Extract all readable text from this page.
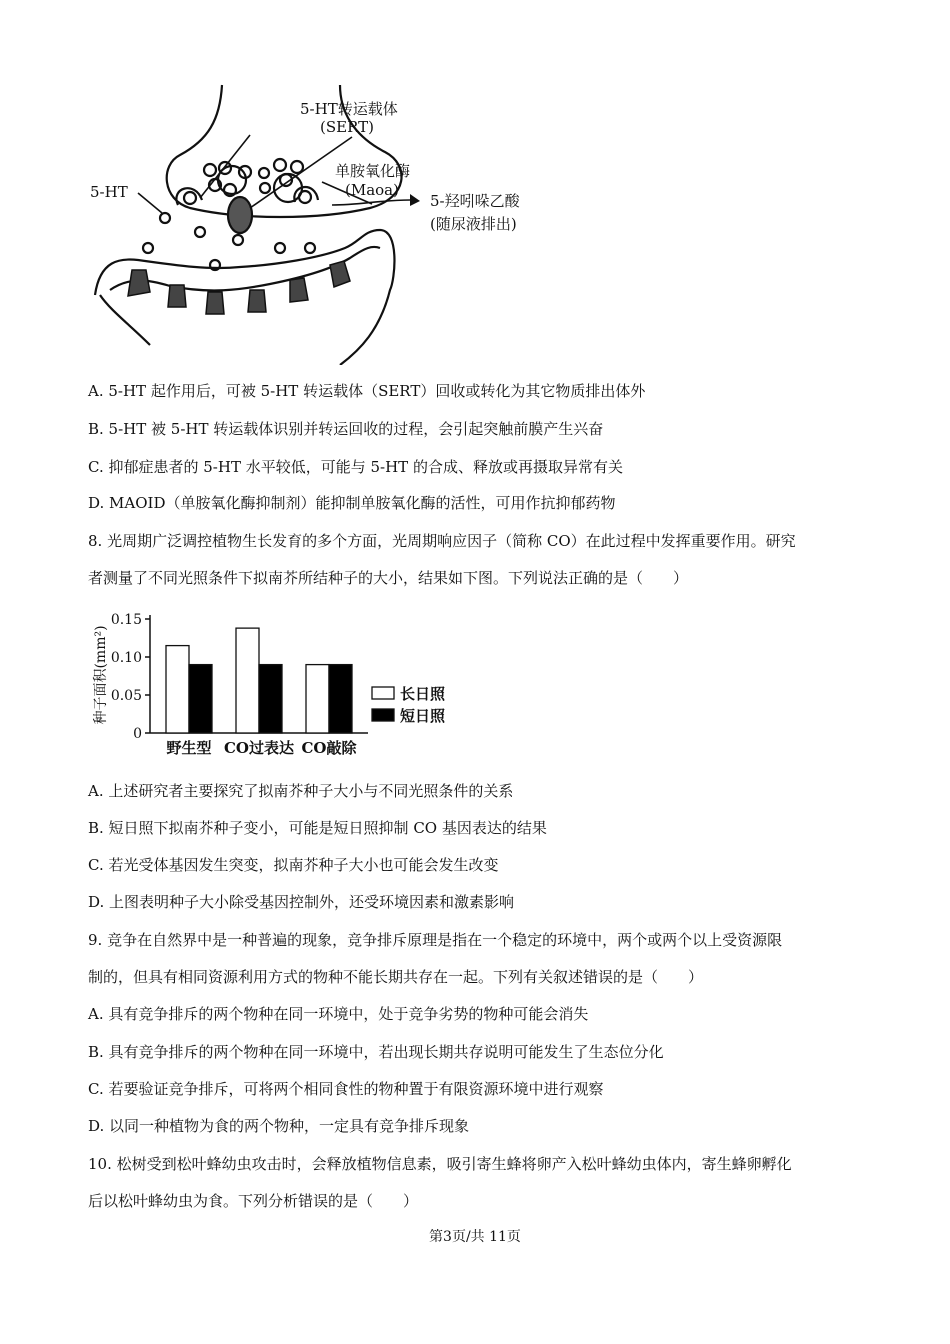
5-HT
5-HT转运载体
(SERT)
单胺氧化酶
(Maoa)
5-羟吲哚乙酸
(随尿液排出)
A. 5-HT 起作用后，可被 5-HT 转运载体（SERT）回收或转化为其它物质排出体外
B. 5-HT 被 5-HT 转运载体识别并转运回收的过程，会引起突触前膜产生兴奋
C. 抑郁症患者的 5-HT 水平较低，可能与 5-HT 的合成、释放或再摄取异常有关
D. MAOID（单胺氧化酶抑制剂）能抑制单胺氧化酶的活性，可用作抗抑郁药物
8. 光周期广泛调控植物生长发育的多个方面，光周期响应因子（简称 CO）在此过程中发挥重要作用。研究
者测量了不同光照条件下拟南芥所结种子的大小，结果如下图。下列说法正确的是（　　）
种子面积(mm²)
0
0.05
0.10
0.15
野生型 CO过表达 CO敲除
长日照
短日照
A. 上述研究者主要探究了拟南芥种子大小与不同光照条件的关系
B. 短日照下拟南芥种子变小，可能是短日照抑制 CO 基因表达的结果
C. 若光受体基因发生突变，拟南芥种子大小也可能会发生改变
D. 上图表明种子大小除受基因控制外，还受环境因素和激素影响
9. 竞争在自然界中是一种普遍的现象，竞争排斥原理是指在一个稳定的环境中，两个或两个以上受资源限
制的，但具有相同资源利用方式的物种不能长期共存在一起。下列有关叙述错误的是（　　）
A. 具有竞争排斥的两个物种在同一环境中，处于竞争劣势的物种可能会消失
B. 具有竞争排斥的两个物种在同一环境中，若出现长期共存说明可能发生了生态位分化
C. 若要验证竞争排斥，可将两个相同食性的物种置于有限资源环境中进行观察
D. 以同一种植物为食的两个物种，一定具有竞争排斥现象
10. 松树受到松叶蜂幼虫攻击时，会释放植物信息素，吸引寄生蜂将卵产入松叶蜂幼虫体内，寄生蜂卵孵化
后以松叶蜂幼虫为食。下列分析错误的是（　　）
第3页/共 11页
